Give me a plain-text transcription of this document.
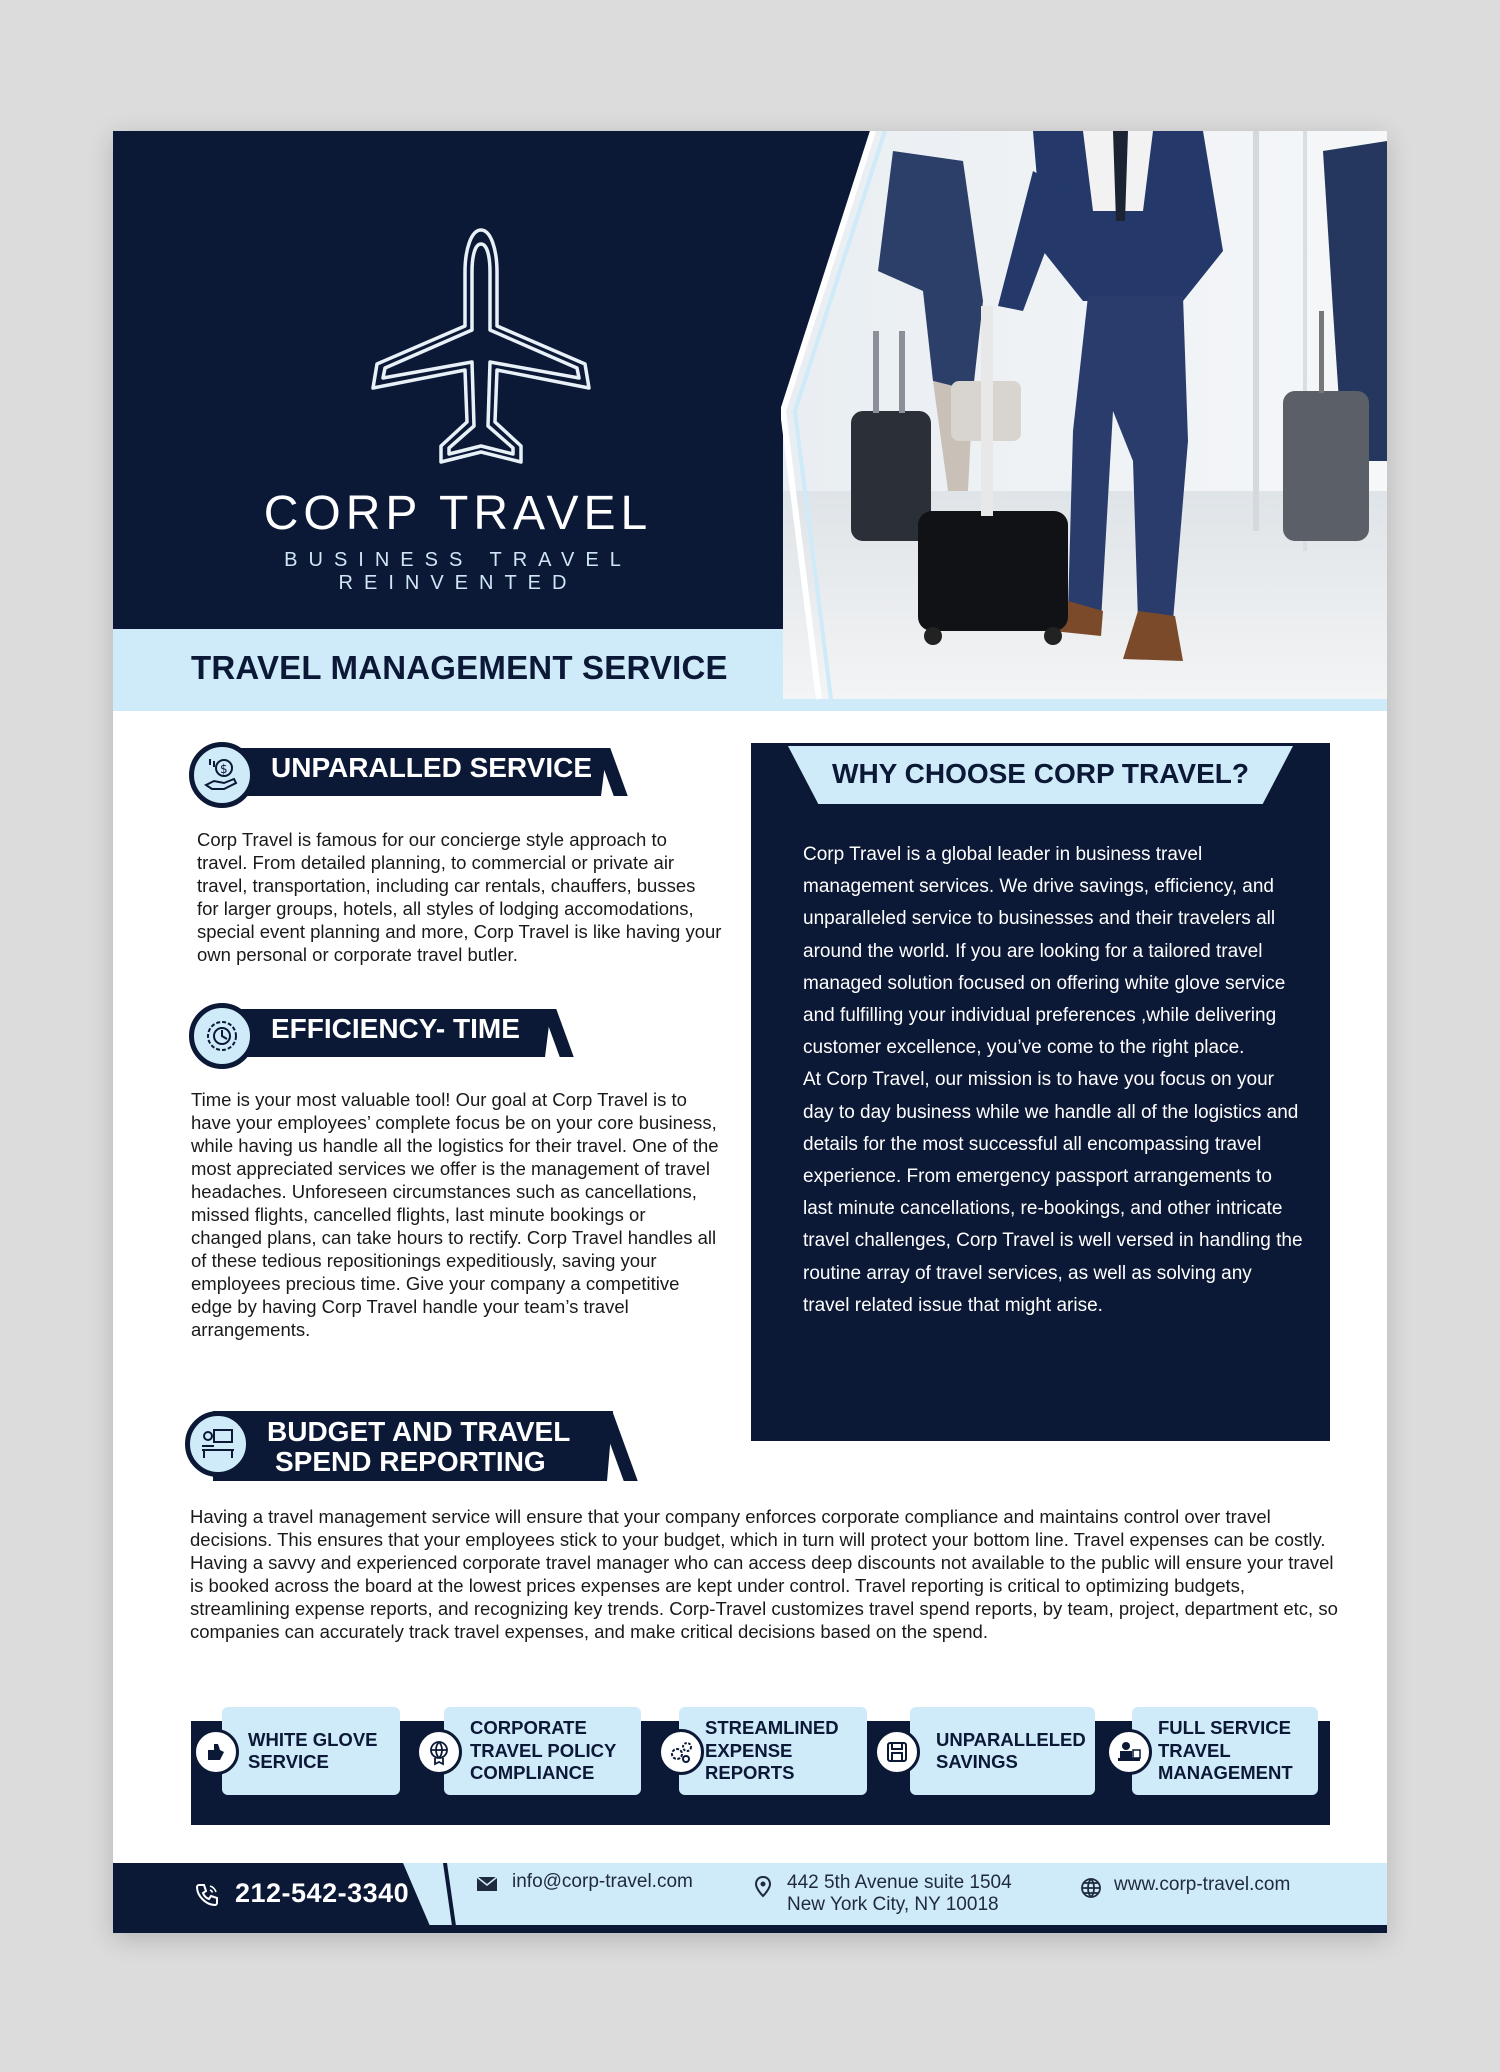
CORP TRAVEL
BUSINESS TRAVEL REINVENTED
TRAVEL MANAGEMENT SERVICE
$ UNPARALLED SERVICE
Corp Travel is famous for our concierge style approach to travel. From detailed planning, to commercial or private air travel, transportation, including car rentals, chauffers, busses for larger groups, hotels, all styles of lodging accomodations, special event planning and more, Corp Travel is like having your own personal or corporate travel butler.
EFFICIENCY- TIME
Time is your most valuable tool! Our goal at Corp Travel is to have your employees’ complete focus be on your core business, while having us handle all the logistics for their travel. One of the most appreciated services we offer is the management of travel headaches. Unforeseen circumstances such as cancellations, missed flights, cancelled flights, last minute bookings or changed plans, can take hours to rectify. Corp Travel handles all of these tedious repositionings expeditiously, saving your employees precious time. Give your company a competitive edge by having Corp Travel handle your team’s travel arrangements.
BUDGET AND TRAVEL
SPEND REPORTING
Having a travel management service will ensure that your company enforces corporate compliance and maintains control over travel decisions. This ensures that your employees stick to your budget, which in turn will protect your bottom line. Travel expenses can be costly. Having a savvy and experienced corporate travel manager who can access deep discounts not available to the public will ensure your travel is booked across the board at the lowest prices expenses are kept under control. Travel reporting is critical to optimizing budgets, streamlining expense reports, and recognizing key trends. Corp-Travel customizes travel spend reports, by team, project, department etc, so companies can accurately track travel expenses, and make critical decisions based on the spend.
WHY CHOOSE CORP TRAVEL?
Corp Travel is a global leader in business travel management services. We drive savings, efficiency, and unparalleled service to businesses and their travelers all around the world. If you are looking for a tailored travel managed solution focused on offering white glove service and fulfilling your individual preferences ,while delivering customer excellence, you’ve come to the right place.
At Corp Travel, our mission is to have you focus on your day to day business while we handle all of the logistics and details for the most successful all encompassing travel experience. From emergency passport arrangements to last minute cancellations, re-bookings, and other intricate travel challenges, Corp Travel is well versed in handling the routine array of travel services, as well as solving any travel related issue that might arise.
WHITE GLOVE
SERVICE
CORPORATE
TRAVEL POLICY
COMPLIANCE
STREAMLINED
EXPENSE
REPORTS
UNPARALLELED
SAVINGS
FULL SERVICE
TRAVEL
MANAGEMENT
212-542-3340	info@corp-travel.com	442 5th Avenue suite 1504
New York City, NY 10018
www.corp-travel.com
